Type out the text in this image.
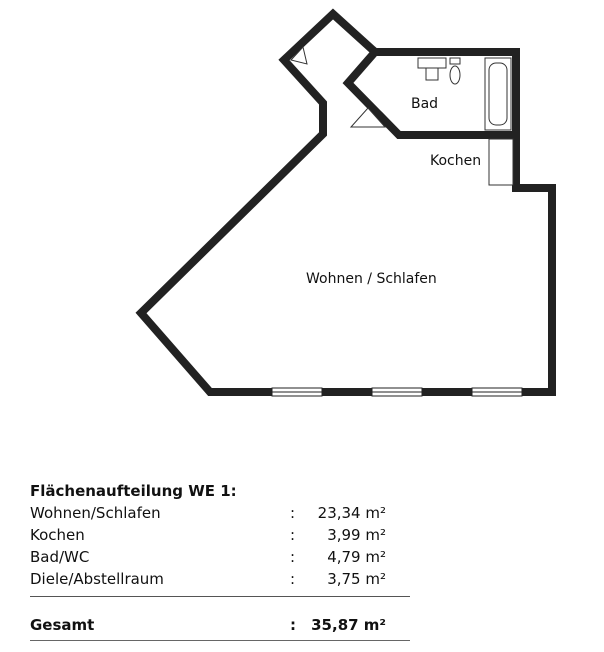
Bad
Kochen
Wohnen / Schlafen
Flächenaufteilung WE 1:
Wohnen/Schlafen	: 23,34 m²
Kochen	: 3,99 m²
Bad/WC	: 4,79 m²
Diele/Abstellraum	: 3,75 m²
Gesamt	: 35,87 m²
